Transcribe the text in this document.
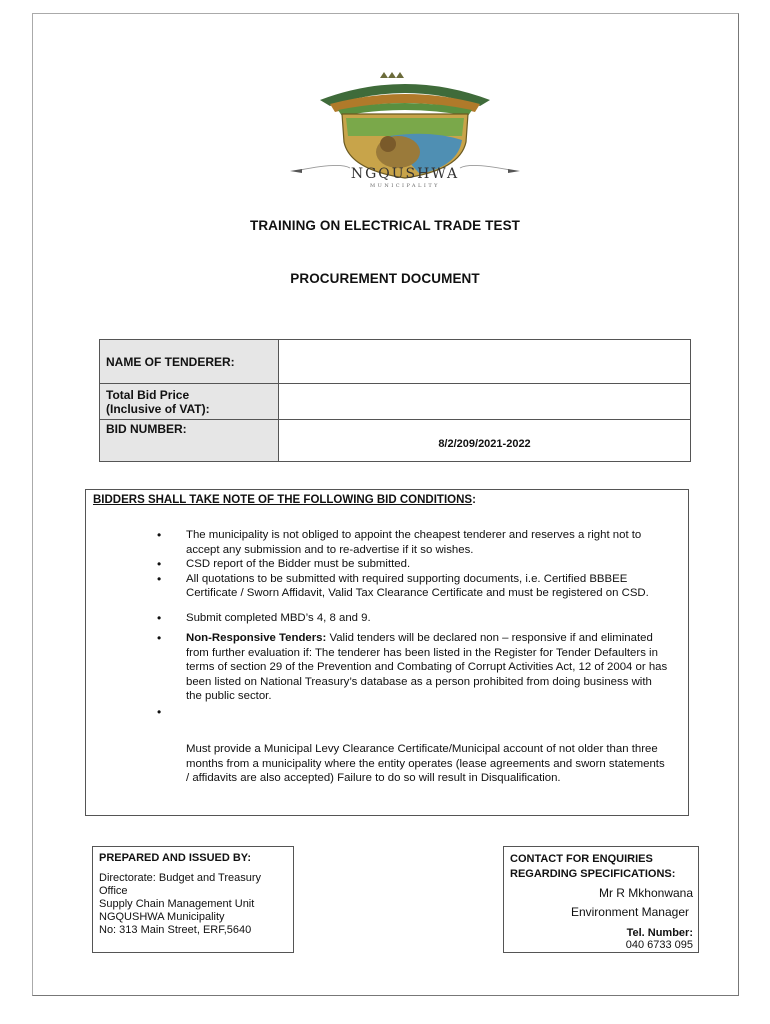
NGQUSHWA
MUNICIPALITY
TRAINING ON ELECTRICAL TRADE TEST
PROCUREMENT DOCUMENT
NAME OF TENDERER:	

Total Bid Price
(Inclusive of VAT):	

BID NUMBER:	8/2/209/2021-2022
BIDDERS SHALL TAKE NOTE OF THE FOLLOWING BID CONDITIONS:
• The municipality is not obliged to appoint the cheapest tenderer and reserves a right not to accept any submission and to re-advertise if it so wishes.
• CSD report of the Bidder must be submitted.
• All quotations to be submitted with required supporting documents, i.e. Certified BBBEE Certificate / Sworn Affidavit, Valid Tax Clearance Certificate and must be registered on CSD.
• Submit completed MBD’s 4, 8 and 9.
• Non-Responsive Tenders: Valid tenders will be declared non – responsive if and eliminated from further evaluation if: The tenderer has been listed in the Register for Tender Defaulters in terms of section 29 of the Prevention and Combating of Corrupt Activities Act, 12 of 2004 or has been listed on National Treasury’s database as a person prohibited from doing business with the public sector.
•
Must provide a Municipal Levy Clearance Certificate/Municipal account of not older than three months from a municipality where the entity operates (lease agreements and sworn statements / affidavits are also accepted) Failure to do so will result in Disqualification.
PREPARED AND ISSUED BY:
Directorate: Budget and Treasury Office
Supply Chain Management Unit
NGQUSHWA Municipality
No: 313 Main Street, ERF,5640
CONTACT FOR ENQUIRIES REGARDING SPECIFICATIONS:
Mr R Mkhonwana
Environment Manager
Tel. Number:
040 6733 095
